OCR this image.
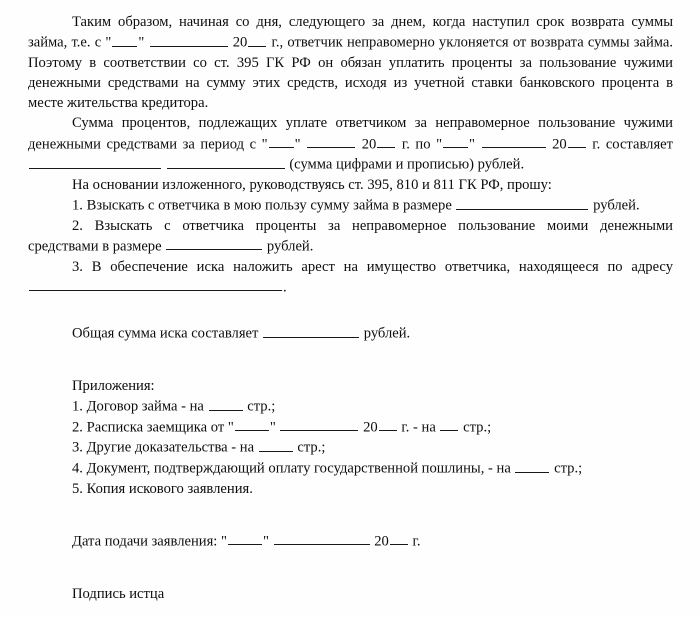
Таким образом, начиная со дня, следующего за днем, когда наступил срок возврата суммы займа, т.е. с " "	20 г., ответчик неправомерно уклоняется от возврата суммы займа. Поэтому в соответствии со ст. 395 ГК РФ он обязан уплатить проценты за пользование чужими денежными средствами на сумму этих средств, исходя из учетной ставки банковского процента в месте жительства кредитора.

Сумма процентов, подлежащих уплате ответчиком за неправомерное пользование чужими денежными средствами за период с " "	20 г. по " "	20 г. составляет   (сумма цифрами и прописью) рублей.

На основании изложенного, руководствуясь ст. 395, 810 и 811 ГК РФ, прошу:

1. Взыскать с ответчика в мою пользу сумму займа в размере	рублей.

2. Взыскать с ответчика проценты за неправомерное пользование моими денежными средствами в размере	рублей.

3. В обеспечение иска наложить арест на имущество ответчика, находящееся по адресу .

Общая сумма иска составляет	рублей.

Приложения:

1. Договор займа - на	стр.;

2. Расписка заемщика от " "	20 г. - на стр.;

3. Другие доказательства - на	стр.;

4. Документ, подтверждающий оплату государственной пошлины, - на	стр.;

5. Копия искового заявления.

Дата подачи заявления: " "	20 г.

Подпись истца
